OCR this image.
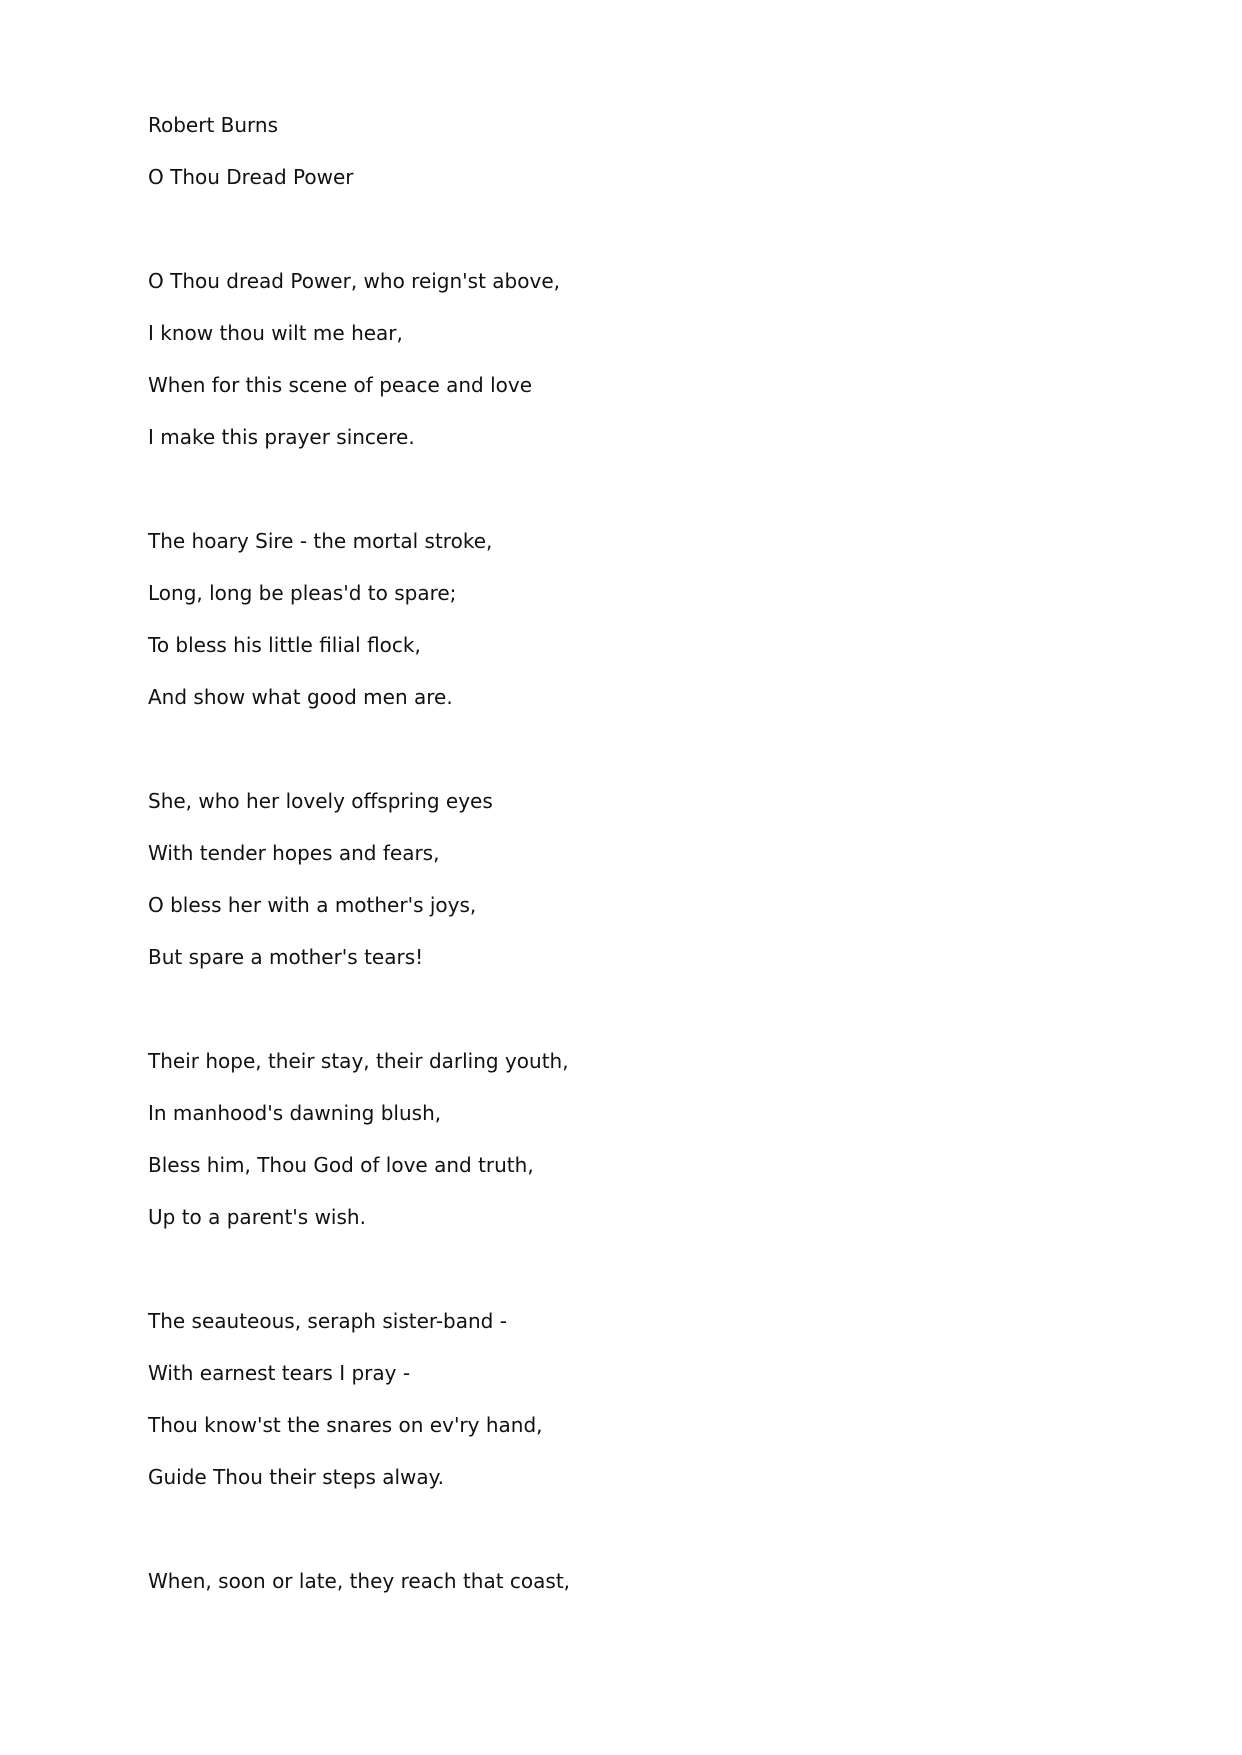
Robert Burns

O Thou Dread Power

O Thou dread Power, who reign'st above,

I know thou wilt me hear,

When for this scene of peace and love

I make this prayer sincere.

The hoary Sire - the mortal stroke,

Long, long be pleas'd to spare;

To bless his little filial flock,

And show what good men are.

She, who her lovely offspring eyes

With tender hopes and fears,

O bless her with a mother's joys,

But spare a mother's tears!

Their hope, their stay, their darling youth,

In manhood's dawning blush,

Bless him, Thou God of love and truth,

Up to a parent's wish.

The seauteous, seraph sister-band -

With earnest tears I pray -

Thou know'st the snares on ev'ry hand,

Guide Thou their steps alway.

When, soon or late, they reach that coast,
